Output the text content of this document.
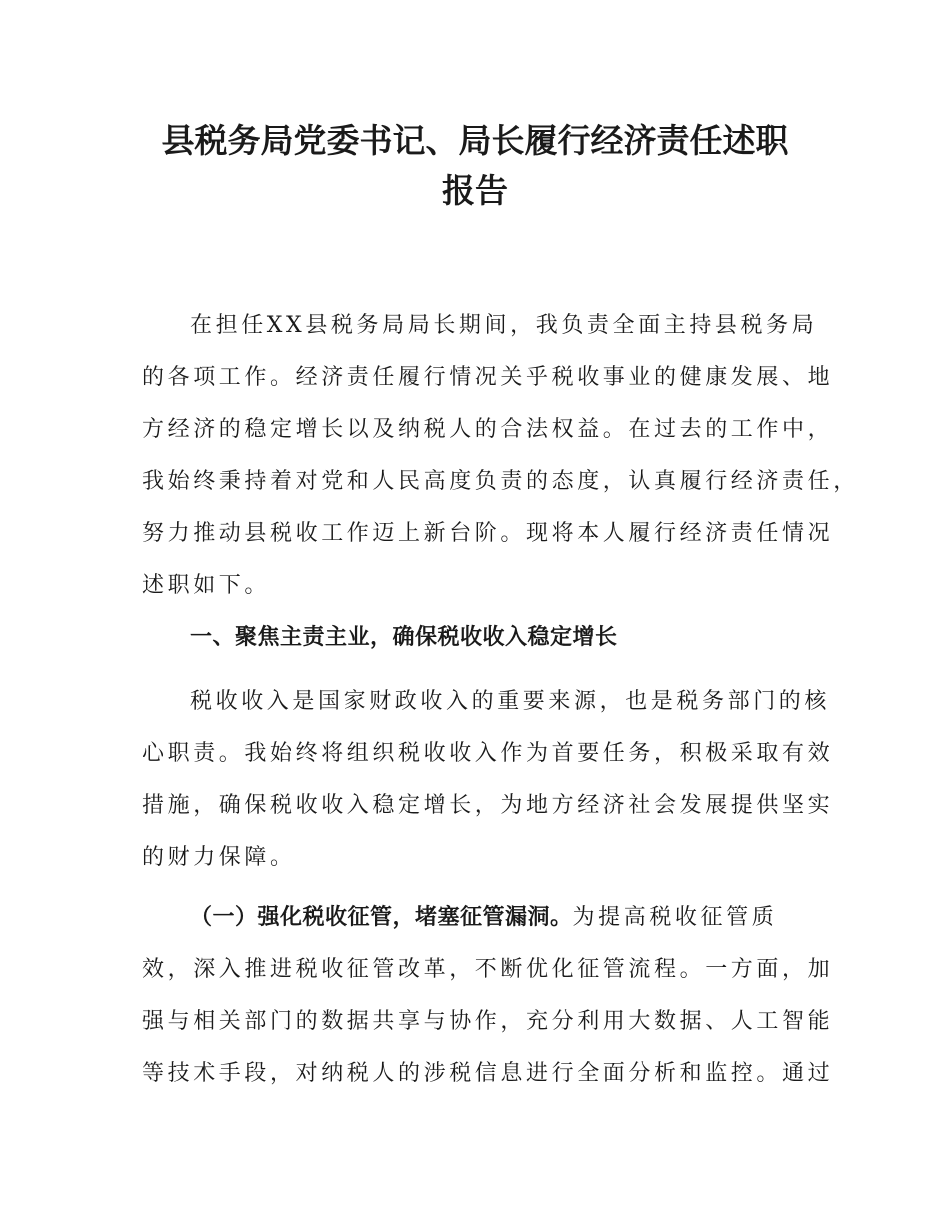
县税务局党委书记、局长履行经济责任述职
报告
在担任XX县税务局局长期间，我负责全面主持县税务局
的各项工作。经济责任履行情况关乎税收事业的健康发展、地
方经济的稳定增长以及纳税人的合法权益。在过去的工作中，
我始终秉持着对党和人民高度负责的态度，认真履行经济责任，
努力推动县税收工作迈上新台阶。现将本人履行经济责任情况
述职如下。
一、聚焦主责主业，确保税收收入稳定增长
税收收入是国家财政收入的重要来源，也是税务部门的核
心职责。我始终将组织税收收入作为首要任务，积极采取有效
措施，确保税收收入稳定增长，为地方经济社会发展提供坚实
的财力保障。
（一）强化税收征管，堵塞征管漏洞。为提高税收征管质
效，深入推进税收征管改革，不断优化征管流程。一方面，加
强与相关部门的数据共享与协作，充分利用大数据、人工智能
等技术手段，对纳税人的涉税信息进行全面分析和监控。通过
